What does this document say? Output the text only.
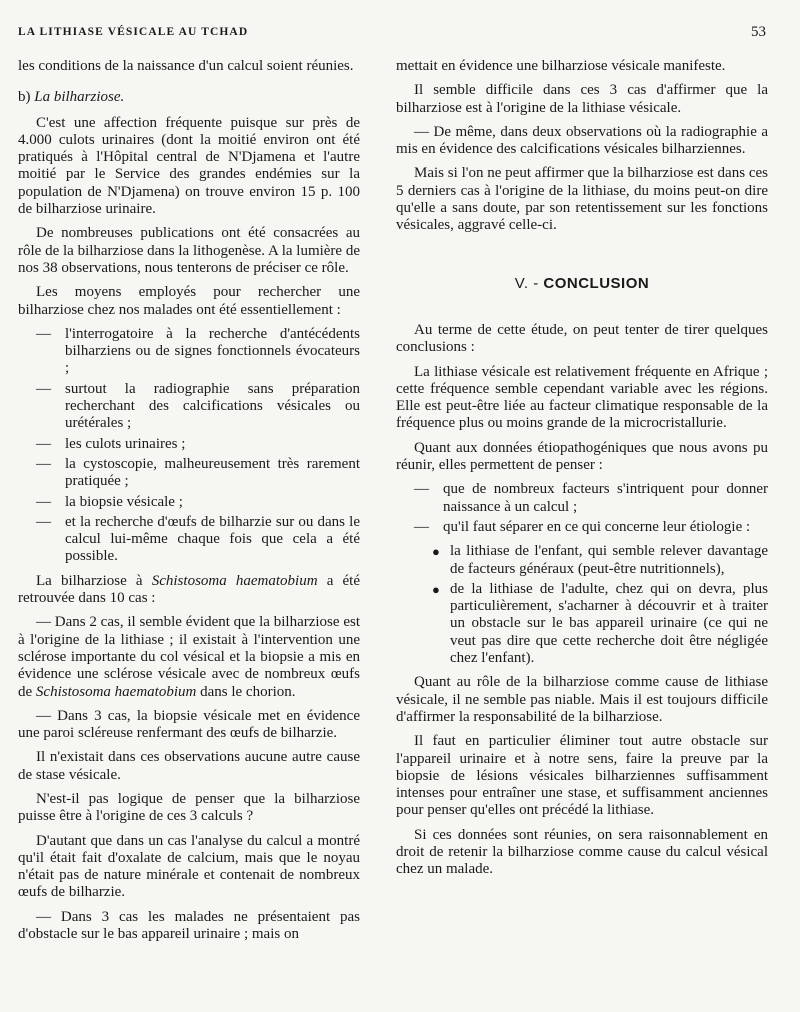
LA LITHIASE VÉSICALE AU TCHAD	53

les conditions de la naissance d'un calcul soient réunies.

b) La bilharziose.

C'est une affection fréquente puisque sur près de 4.000 culots urinaires (dont la moitié environ ont été pratiqués à l'Hôpital central de N'Djamena et l'autre moitié par le Service des grandes endémies sur la population de N'Djamena) on trouve environ 15 p. 100 de bilharziose urinaire.

De nombreuses publications ont été consacrées au rôle de la bilharziose dans la lithogenèse. A la lumière de nos 38 observations, nous tenterons de préciser ce rôle.

Les moyens employés pour rechercher une bilharziose chez nos malades ont été essentiellement :

— l'interrogatoire à la recherche d'antécédents bilharziens ou de signes fonctionnels évocateurs ;
— surtout la radiographie sans préparation recherchant des calcifications vésicales ou urétérales ;
— les culots urinaires ;
— la cystoscopie, malheureusement très rarement pratiquée ;
— la biopsie vésicale ;
— et la recherche d'œufs de bilharzie sur ou dans le calcul lui-même chaque fois que cela a été possible.

La bilharziose à Schistosoma haematobium a été retrouvée dans 10 cas :

— Dans 2 cas, il semble évident que la bilharziose est à l'origine de la lithiase ; il existait à l'intervention une sclérose importante du col vésical et la biopsie a mis en évidence une sclérose vésicale avec de nombreux œufs de Schistosoma haematobium dans le chorion.

— Dans 3 cas, la biopsie vésicale met en évidence une paroi scléreuse renfermant des œufs de bilharzie.

Il n'existait dans ces observations aucune autre cause de stase vésicale.

N'est-il pas logique de penser que la bilharziose puisse être à l'origine de ces 3 calculs ?

D'autant que dans un cas l'analyse du calcul a montré qu'il était fait d'oxalate de calcium, mais que le noyau n'était pas de nature minérale et contenait de nombreux œufs de bilharzie.

— Dans 3 cas les malades ne présentaient pas d'obstacle sur le bas appareil urinaire ; mais on

mettait en évidence une bilharziose vésicale manifeste.

Il semble difficile dans ces 3 cas d'affirmer que la bilharziose est à l'origine de la lithiase vésicale.

— De même, dans deux observations où la radiographie a mis en évidence des calcifications vésicales bilharziennes.

Mais si l'on ne peut affirmer que la bilharziose est dans ces 5 derniers cas à l'origine de la lithiase, du moins peut-on dire qu'elle a sans doute, par son retentissement sur les fonctions vésicales, aggravé celle-ci.

V. - CONCLUSION

Au terme de cette étude, on peut tenter de tirer quelques conclusions :

La lithiase vésicale est relativement fréquente en Afrique ; cette fréquence semble cependant variable avec les régions. Elle est peut-être liée au facteur climatique responsable de la fréquence plus ou moins grande de la microcristallurie.

Quant aux données étiopathogéniques que nous avons pu réunir, elles permettent de penser :

— que de nombreux facteurs s'intriquent pour donner naissance à un calcul ;
— qu'il faut séparer en ce qui concerne leur étiologie :
● la lithiase de l'enfant, qui semble relever davantage de facteurs généraux (peut-être nutritionnels),
● de la lithiase de l'adulte, chez qui on devra, plus particulièrement, s'acharner à découvrir et à traiter un obstacle sur le bas appareil urinaire (ce qui ne veut pas dire que cette recherche doit être négligée chez l'enfant).

Quant au rôle de la bilharziose comme cause de lithiase vésicale, il ne semble pas niable. Mais il est toujours difficile d'affirmer la responsabilité de la bilharziose.

Il faut en particulier éliminer tout autre obstacle sur l'appareil urinaire et à notre sens, faire la preuve par la biopsie de lésions vésicales bilharziennes suffisamment intenses pour entraîner une stase, et suffisamment anciennes pour penser qu'elles ont précédé la lithiase.

Si ces données sont réunies, on sera raisonnablement en droit de retenir la bilharziose comme cause du calcul vésical chez un malade.
